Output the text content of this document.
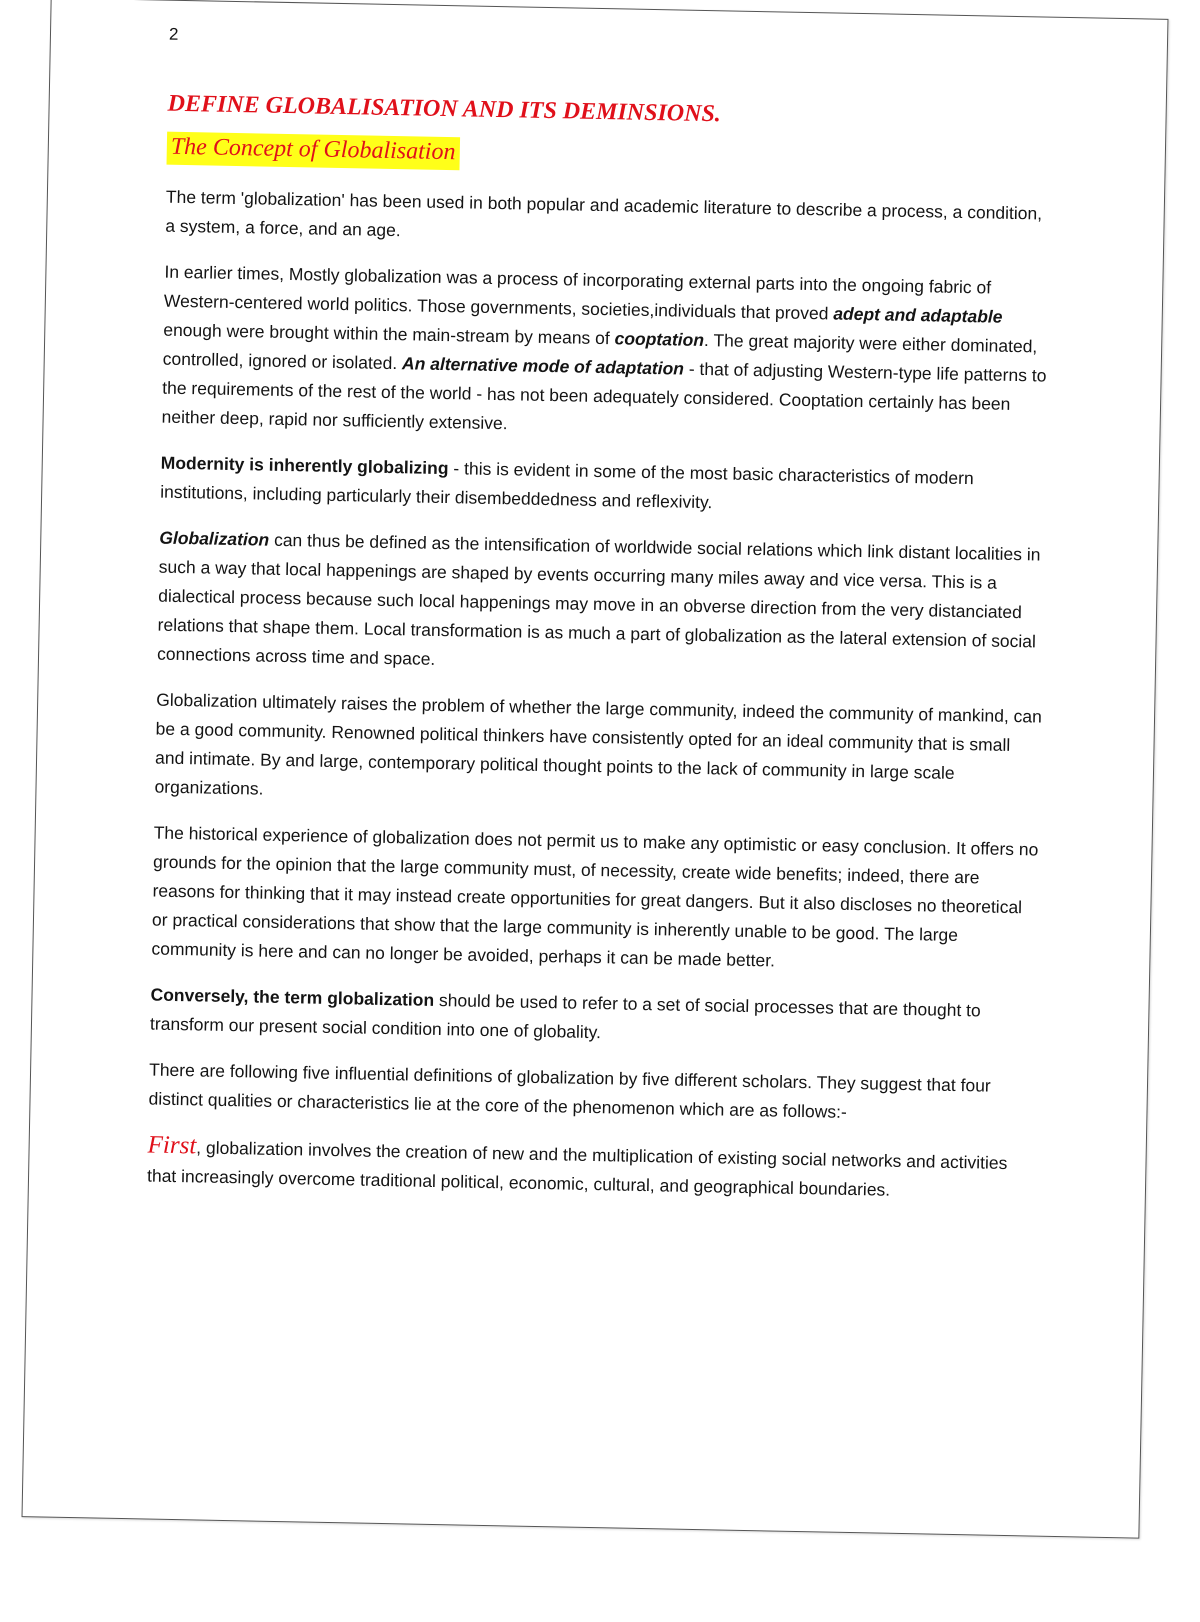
2
DEFINE GLOBALISATION AND ITS DEMINSIONS.
The Concept of Globalisation

The term 'globalization' has been used in both popular and academic literature to describe a process, a condition, a system, a force, and an age.

In earlier times, Mostly globalization was a process of incorporating external parts into the ongoing fabric of Western-centered world politics. Those governments, societies,individuals that proved adept and adaptable enough were brought within the main-stream by means of cooptation. The great majority were either dominated, controlled, ignored or isolated. An alternative mode of adaptation - that of adjusting Western-type life patterns to the requirements of the rest of the world - has not been adequately considered. Cooptation certainly has been neither deep, rapid nor sufficiently extensive.

Modernity is inherently globalizing - this is evident in some of the most basic characteristics of modern institutions, including particularly their disembeddedness and reflexivity.

Globalization can thus be defined as the intensification of worldwide social relations which link distant localities in such a way that local happenings are shaped by events occurring many miles away and vice versa. This is a dialectical process because such local happenings may move in an obverse direction from the very distanciated relations that shape them. Local transformation is as much a part of globalization as the lateral extension of social connections across time and space.

Globalization ultimately raises the problem of whether the large community, indeed the community of mankind, can be a good community. Renowned political thinkers have consistently opted for an ideal community that is small and intimate. By and large, contemporary political thought points to the lack of community in large scale organizations.

The historical experience of globalization does not permit us to make any optimistic or easy conclusion. It offers no grounds for the opinion that the large community must, of necessity, create wide benefits; indeed, there are reasons for thinking that it may instead create opportunities for great dangers. But it also discloses no theoretical or practical considerations that show that the large community is inherently unable to be good. The large community is here and can no longer be avoided, perhaps it can be made better.

Conversely, the term globalization should be used to refer to a set of social processes that are thought to transform our present social condition into one of globality.

There are following five influential definitions of globalization by five different scholars. They suggest that four distinct qualities or characteristics lie at the core of the phenomenon which are as follows:-

First, globalization involves the creation of new and the multiplication of existing social networks and activities that increasingly overcome traditional political, economic, cultural, and geographical boundaries.
